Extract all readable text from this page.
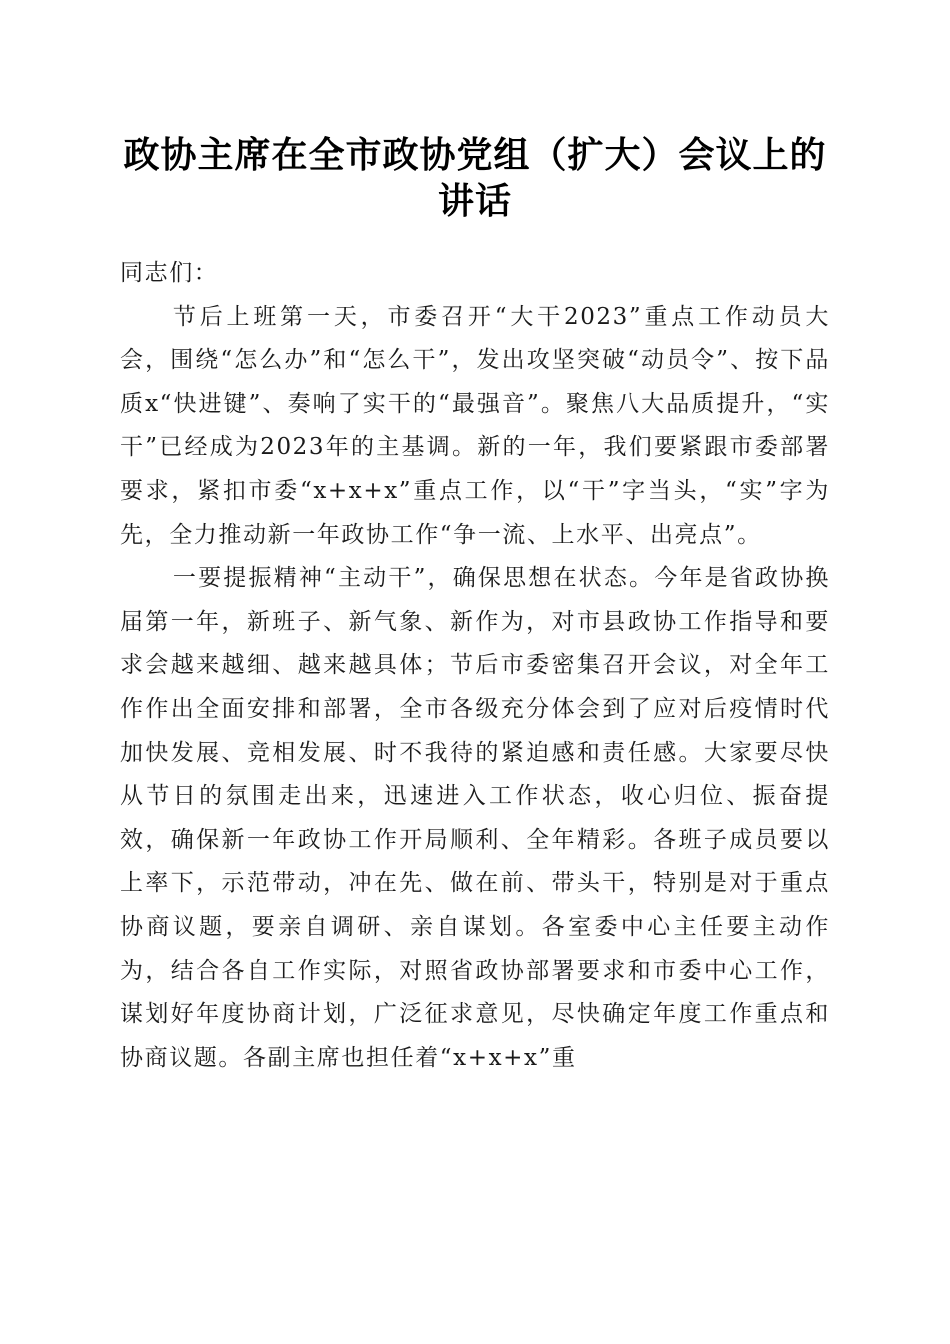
政协主席在全市政协党组（扩大）会议上的讲话

同志们：

节后上班第一天，市委召开“大干2023”重点工作动员大会，围绕“怎么办”和“怎么干”，发出攻坚突破“动员令”、按下品质x“快进键”、奏响了实干的“最强音”。聚焦八大品质提升，“实干”已经成为2023年的主基调。新的一年，我们要紧跟市委部署要求，紧扣市委“x+x+x”重点工作，以“干”字当头，“实”字为先，全力推动新一年政协工作“争一流、上水平、出亮点”。

一要提振精神“主动干”，确保思想在状态。今年是省政协换届第一年，新班子、新气象、新作为，对市县政协工作指导和要求会越来越细、越来越具体；节后市委密集召开会议，对全年工作作出全面安排和部署，全市各级充分体会到了应对后疫情时代加快发展、竞相发展、时不我待的紧迫感和责任感。大家要尽快从节日的氛围走出来，迅速进入工作状态，收心归位、振奋提效，确保新一年政协工作开局顺利、全年精彩。各班子成员要以上率下，示范带动，冲在先、做在前、带头干，特别是对于重点协商议题，要亲自调研、亲自谋划。各室委中心主任要主动作为，结合各自工作实际，对照省政协部署要求和市委中心工作，谋划好年度协商计划，广泛征求意见，尽快确定年度工作重点和协商议题。各副主席也担任着“x+x+x”重
